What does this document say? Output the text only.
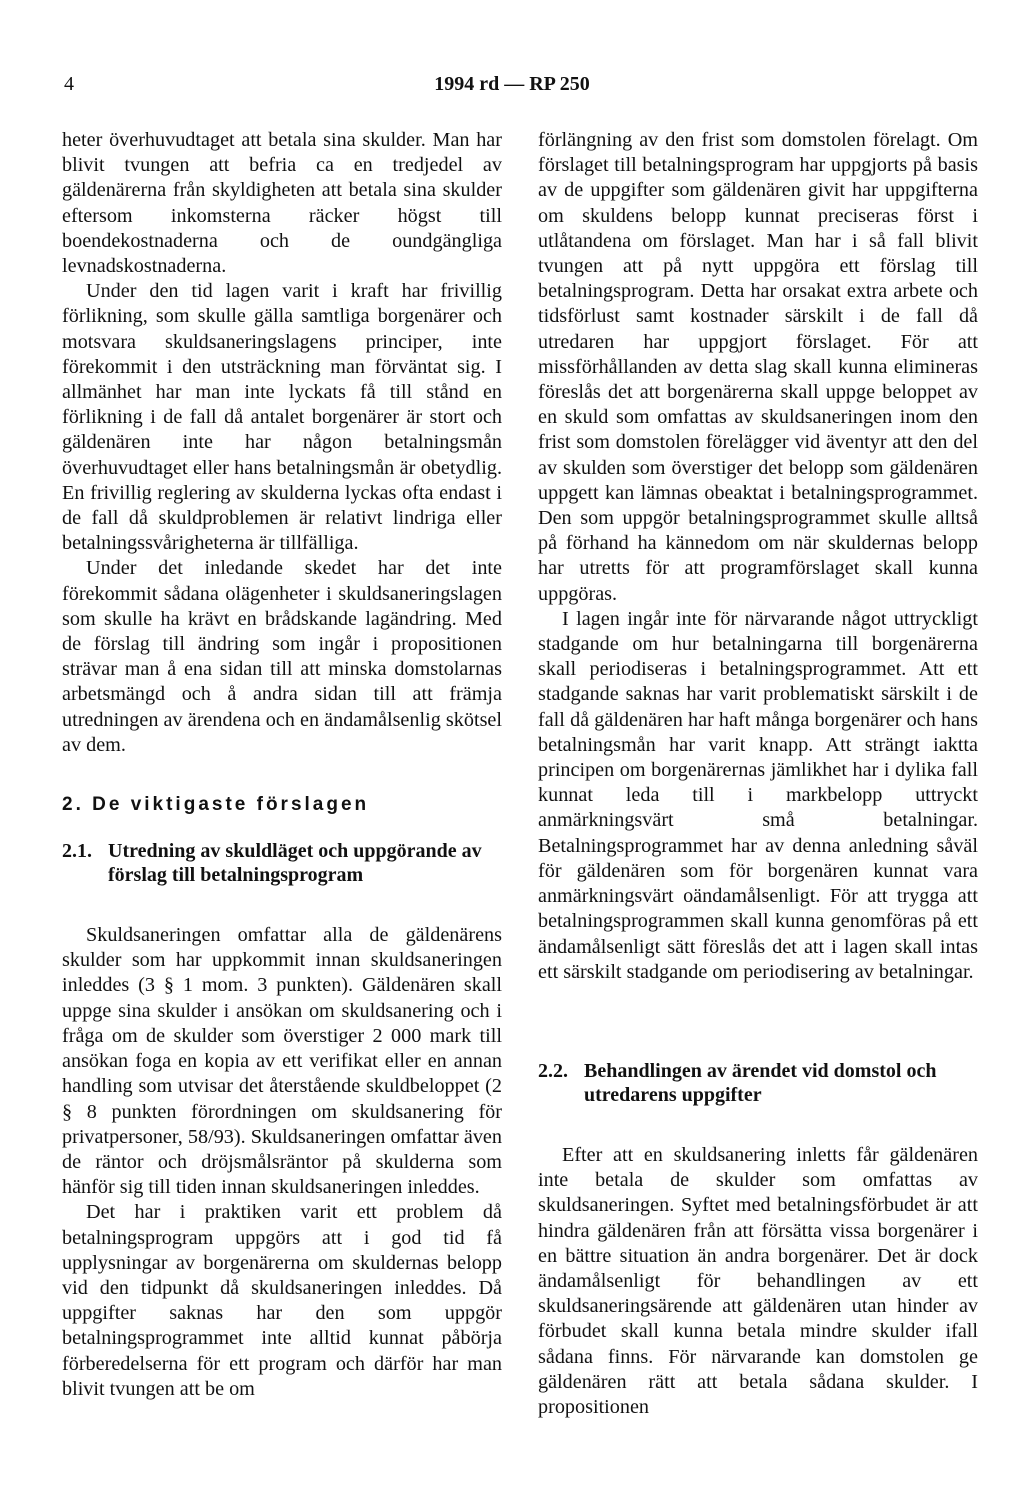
4	1994 rd — RP 250

heter överhuvudtaget att betala sina skulder. Man har blivit tvungen att befria ca en tredjedel av gäldenärerna från skyldigheten att betala sina skulder eftersom inkomsterna räcker högst till boendekostnaderna och de oundgängliga levnadskostnaderna.

Under den tid lagen varit i kraft har frivillig förlikning, som skulle gälla samtliga borgenärer och motsvara skuldsaneringslagens principer, inte förekommit i den utsträckning man förväntat sig. I allmänhet har man inte lyckats få till stånd en förlikning i de fall då antalet borgenärer är stort och gäldenären inte har någon betalningsmån överhuvudtaget eller hans betalningsmån är obetydlig. En frivillig reglering av skulderna lyckas ofta endast i de fall då skuldproblemen är relativt lindriga eller betalningssvårigheterna är tillfälliga.

Under det inledande skedet har det inte förekommit sådana olägenheter i skuldsaneringslagen som skulle ha krävt en brådskande lagändring. Med de förslag till ändring som ingår i propositionen strävar man å ena sidan till att minska domstolarnas arbetsmängd och å andra sidan till att främja utredningen av ärendena och en ändamålsenlig skötsel av dem.

2. De viktigaste förslagen
2.1. Utredning av skuldläget och uppgörande av förslag till betalningsprogram

Skuldsaneringen omfattar alla de gäldenärens skulder som har uppkommit innan skuldsaneringen inleddes (3 § 1 mom. 3 punkten). Gäldenären skall uppge sina skulder i ansökan om skuldsanering och i fråga om de skulder som överstiger 2 000 mark till ansökan foga en kopia av ett verifikat eller en annan handling som utvisar det återstående skuldbeloppet (2 § 8 punkten förordningen om skuldsanering för privatpersoner, 58/93). Skuldsaneringen omfattar även de räntor och dröjsmålsräntor på skulderna som hänför sig till tiden innan skuldsaneringen inleddes.

Det har i praktiken varit ett problem då betalningsprogram uppgörs att i god tid få upplysningar av borgenärerna om skuldernas belopp vid den tidpunkt då skuldsaneringen inleddes. Då uppgifter saknas har den som uppgör betalningsprogrammet inte alltid kunnat påbörja förberedelserna för ett program och därför har man blivit tvungen att be om

förlängning av den frist som domstolen förelagt. Om förslaget till betalningsprogram har uppgjorts på basis av de uppgifter som gäldenären givit har uppgifterna om skuldens belopp kunnat preciseras först i utlåtandena om förslaget. Man har i så fall blivit tvungen att på nytt uppgöra ett förslag till betalningsprogram. Detta har orsakat extra arbete och tidsförlust samt kostnader särskilt i de fall då utredaren har uppgjort förslaget. För att missförhållanden av detta slag skall kunna elimineras föreslås det att borgenärerna skall uppge beloppet av en skuld som omfattas av skuldsaneringen inom den frist som domstolen förelägger vid äventyr att den del av skulden som överstiger det belopp som gäldenären uppgett kan lämnas obeaktat i betalningsprogrammet. Den som uppgör betalningsprogrammet skulle alltså på förhand ha kännedom om när skuldernas belopp har utretts för att programförslaget skall kunna uppgöras.

I lagen ingår inte för närvarande något uttryckligt stadgande om hur betalningarna till borgenärerna skall periodiseras i betalningsprogrammet. Att ett stadgande saknas har varit problematiskt särskilt i de fall då gäldenären har haft många borgenärer och hans betalningsmån har varit knapp. Att strängt iaktta principen om borgenärernas jämlikhet har i dylika fall kunnat leda till i markbelopp uttryckt anmärkningsvärt små betalningar. Betalningsprogrammet har av denna anledning såväl för gäldenären som för borgenären kunnat vara anmärkningsvärt oändamålsenligt. För att trygga att betalningsprogrammen skall kunna genomföras på ett ändamålsenligt sätt föreslås det att i lagen skall intas ett särskilt stadgande om periodisering av betalningar.

2.2. Behandlingen av ärendet vid domstol och utredarens uppgifter

Efter att en skuldsanering inletts får gäldenären inte betala de skulder som omfattas av skuldsaneringen. Syftet med betalningsförbudet är att hindra gäldenären från att försätta vissa borgenärer i en bättre situation än andra borgenärer. Det är dock ändamålsenligt för behandlingen av ett skuldsaneringsärende att gäldenären utan hinder av förbudet skall kunna betala mindre skulder ifall sådana finns. För närvarande kan domstolen ge gäldenären rätt att betala sådana skulder. I propositionen
